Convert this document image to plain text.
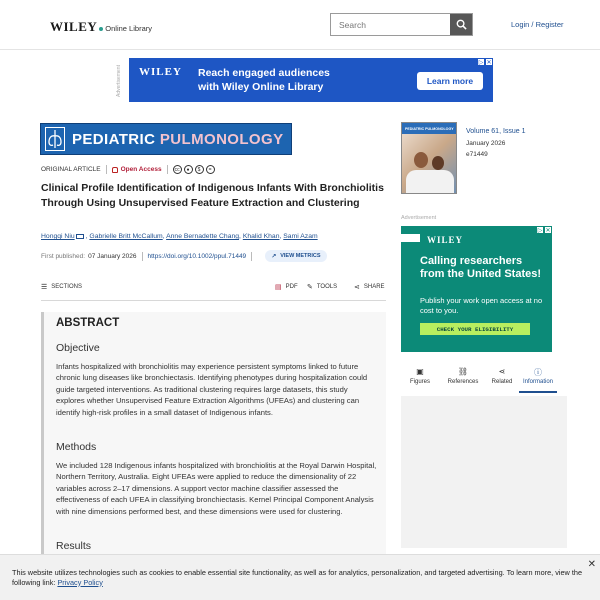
WILEY Online Library
Search	Login / Register
Advertisement	WILEY Reach engaged audiences
with Wiley Online Library	Learn more
▷ ✕
PEDIATRIC PULMONOLOGY
ORIGINAL ARTICLE	Open Access	cc	●	$	=
Clinical Profile Identification of Indigenous Infants With Bronchiolitis Through Using Unsupervised Feature Extraction and Clustering
Hongqi Niu , Gabrielle Britt McCallum, Anne Bernadette Chang, Khalid Khan, Sami Azam
First published: 07 January 2026 https://doi.org/10.1002/ppul.71449	↗ VIEW METRICS
☰ SECTIONS	▤ PDF ✎ TOOLS ⋖ SHARE
ABSTRACT
Objective
Infants hospitalized with bronchiolitis may experience persistent symptoms linked to future chronic lung diseases like bronchiectasis. Identifying phenotypes during hospitalization could guide targeted interventions. As traditional clustering requires large datasets, this study explores whether Unsupervised Feature Extraction Algorithms (UFEAs) and clustering can identify high-risk profiles in a small dataset of Indigenous infants.
Methods
We included 128 Indigenous infants hospitalized with bronchiolitis at the Royal Darwin Hospital, Northern Territory, Australia. Eight UFEAs were applied to reduce the dimensionality of 22 variables across 2–17 dimensions. A support vector machine classifier assessed the effectiveness of each UFEA in classifying bronchiectasis. Kernel Principal Component Analysis with nine dimensions performed best, and these dimensions were used for clustering.
Results
PEDIATRIC PULMONOLOGY Volume 61, Issue 1
January 2026
e71449
Advertisement
WILEY
Calling researchers from the United States!
Publish your work open access at no cost to you.
CHECK YOUR ELIGIBILITY
▷ ✕
▣
Figures
⛓
References
⋖
Related
ⓘ
Information
This website utilizes technologies such as cookies to enable essential site functionality, as well as for analytics, personalization, and targeted advertising. To learn more, view the following link: Privacy Policy
✕
